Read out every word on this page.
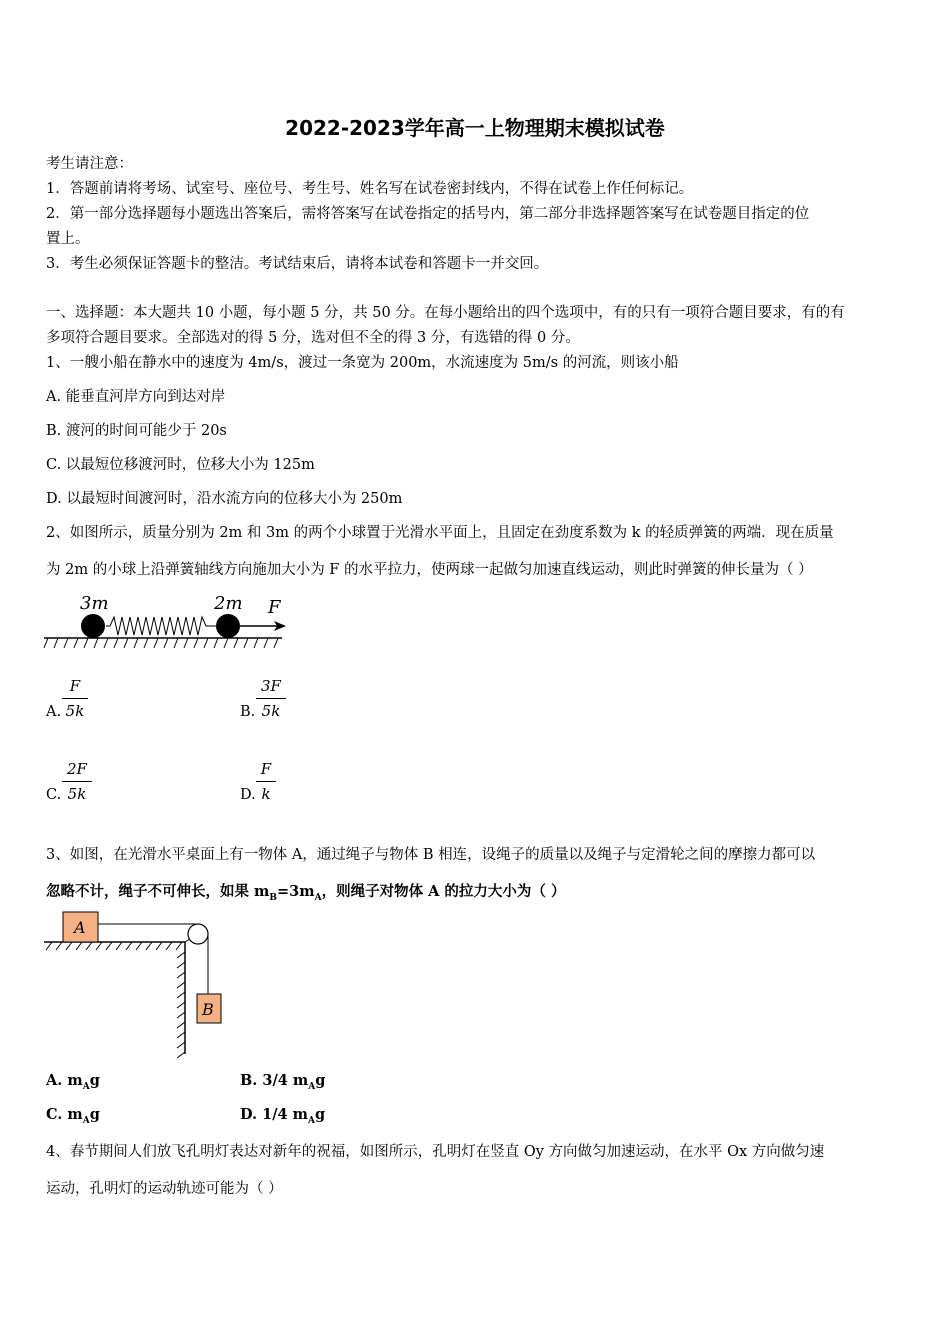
2022-2023学年高一上物理期末模拟试卷
考生请注意：
1．答题前请将考场、试室号、座位号、考生号、姓名写在试卷密封线内，不得在试卷上作任何标记。
2．第一部分选择题每小题选出答案后，需将答案写在试卷指定的括号内，第二部分非选择题答案写在试卷题目指定的位
置上。
3．考生必须保证答题卡的整洁。考试结束后，请将本试卷和答题卡一并交回。
一、选择题：本大题共 10 小题，每小题 5 分，共 50 分。在每小题给出的四个选项中，有的只有一项符合题目要求，有的有
多项符合题目要求。全部选对的得 5 分，选对但不全的得 3 分，有选错的得 0 分。
1、一艘小船在静水中的速度为 4m/s，渡过一条宽为 200m，水流速度为 5m/s 的河流，则该小船
A. 能垂直河岸方向到达对岸
B. 渡河的时间可能少于 20s
C. 以最短位移渡河时，位移大小为 125m
D. 以最短时间渡河时，沿水流方向的位移大小为 250m
2、如图所示，质量分别为 2m 和 3m 的两个小球置于光滑水平面上，且固定在劲度系数为 k 的轻质弹簧的两端．现在质量
为 2m 的小球上沿弹簧轴线方向施加大小为 F 的水平拉力，使两球一起做匀加速直线运动，则此时弹簧的伸长量为（ ）
3m	2m F
A.
F
5k	B.
3F
5k
C.
2F
5k	D.
F
k
3、如图，在光滑水平桌面上有一物体 A，通过绳子与物体 B 相连，设绳子的质量以及绳子与定滑轮之间的摩擦力都可以
忽略不计，绳子不可伸长，如果 $m_B=3m_A$，则绳子对物体 A 的拉力大小为（ ）
A
B
A. $m_Ag$	B. 3/4 $m_Ag$
C. $m_Ag$	D. 1/4 $m_Ag$
4、春节期间人们放飞孔明灯表达对新年的祝福，如图所示，孔明灯在竖直 Oy 方向做匀加速运动，在水平 Ox 方向做匀速
运动，孔明灯的运动轨迹可能为（ ）
